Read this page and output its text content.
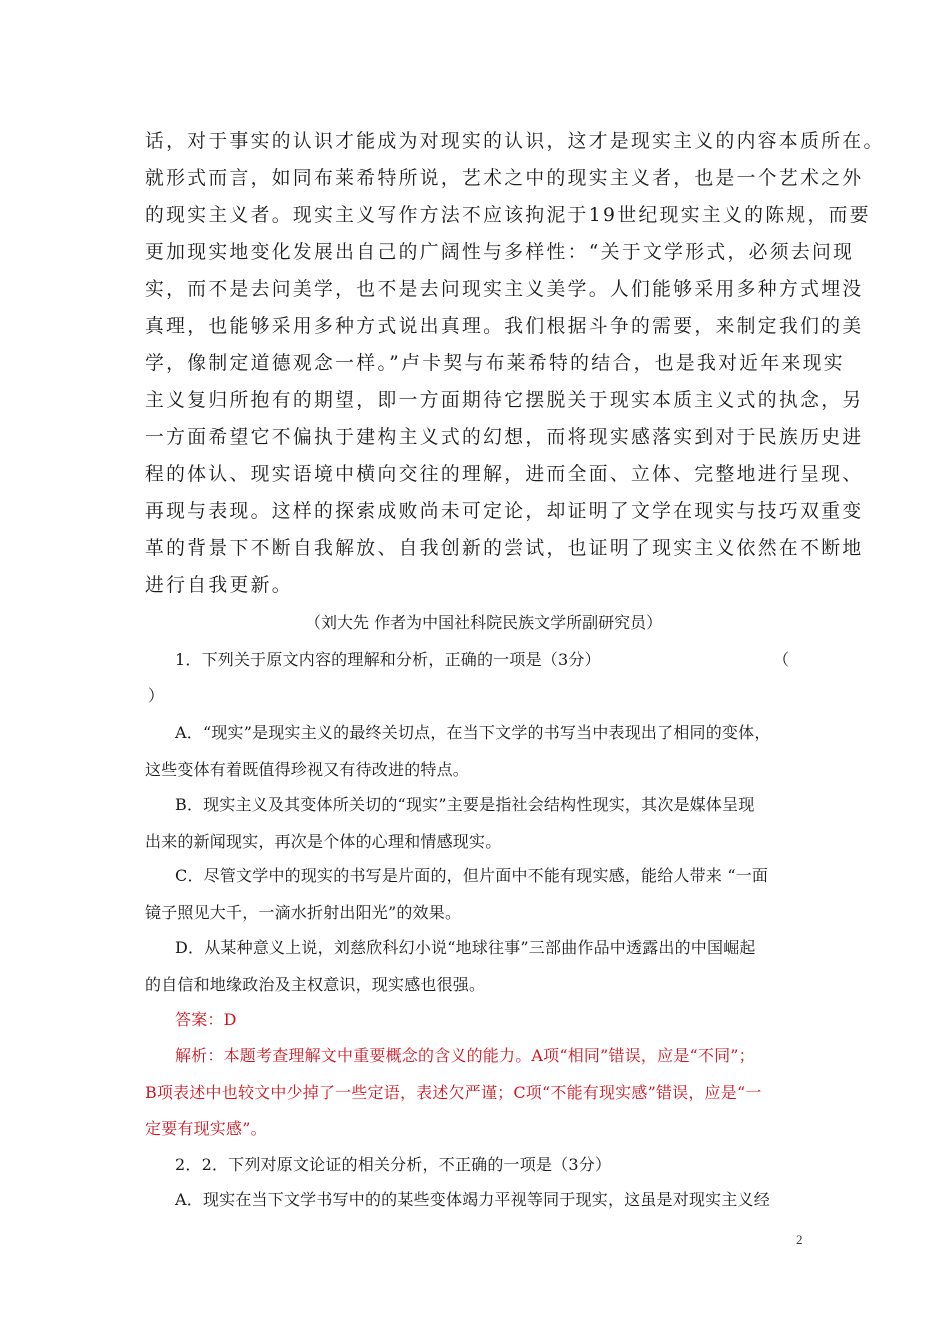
话，对于事实的认识才能成为对现实的认识，这才是现实主义的内容本质所在。
就形式而言，如同布莱希特所说，艺术之中的现实主义者，也是一个艺术之外
的现实主义者。现实主义写作方法不应该拘泥于19世纪现实主义的陈规，而要
更加现实地变化发展出自己的广阔性与多样性：“关于文学形式，必须去问现
实，而不是去问美学，也不是去问现实主义美学。人们能够采用多种方式埋没
真理，也能够采用多种方式说出真理。我们根据斗争的需要，来制定我们的美
学，像制定道德观念一样。”卢卡契与布莱希特的结合，也是我对近年来现实
主义复归所抱有的期望，即一方面期待它摆脱关于现实本质主义式的执念，另
一方面希望它不偏执于建构主义式的幻想，而将现实感落实到对于民族历史进
程的体认、现实语境中横向交往的理解，进而全面、立体、完整地进行呈现、
再现与表现。这样的探索成败尚未可定论，却证明了文学在现实与技巧双重变
革的背景下不断自我解放、自我创新的尝试，也证明了现实主义依然在不断地
进行自我更新。
（刘大先 作者为中国社科院民族文学所副研究员）
1．下列关于原文内容的理解和分析，正确的一项是（3分）	（
）
A．“现实”是现实主义的最终关切点，在当下文学的书写当中表现出了相同的变体，
这些变体有着既值得珍视又有待改进的特点。
B．现实主义及其变体所关切的“现实”主要是指社会结构性现实，其次是媒体呈现
出来的新闻现实，再次是个体的心理和情感现实。
C．尽管文学中的现实的书写是片面的，但片面中不能有现实感，能给人带来 “一面
镜子照见大千，一滴水折射出阳光”的效果。
D．从某种意义上说，刘慈欣科幻小说“地球往事”三部曲作品中透露出的中国崛起
的自信和地缘政治及主权意识，现实感也很强。
答案：D
解析：本题考查理解文中重要概念的含义的能力。A项“相同”错误，应是“不同”；
B项表述中也较文中少掉了一些定语，表述欠严谨；C项“不能有现实感”错误，应是“一
定要有现实感”。
2．2．下列对原文论证的相关分析，不正确的一项是（3分）
A．现实在当下文学书写中的的某些变体竭力平视等同于现实，这虽是对现实主义经
2
